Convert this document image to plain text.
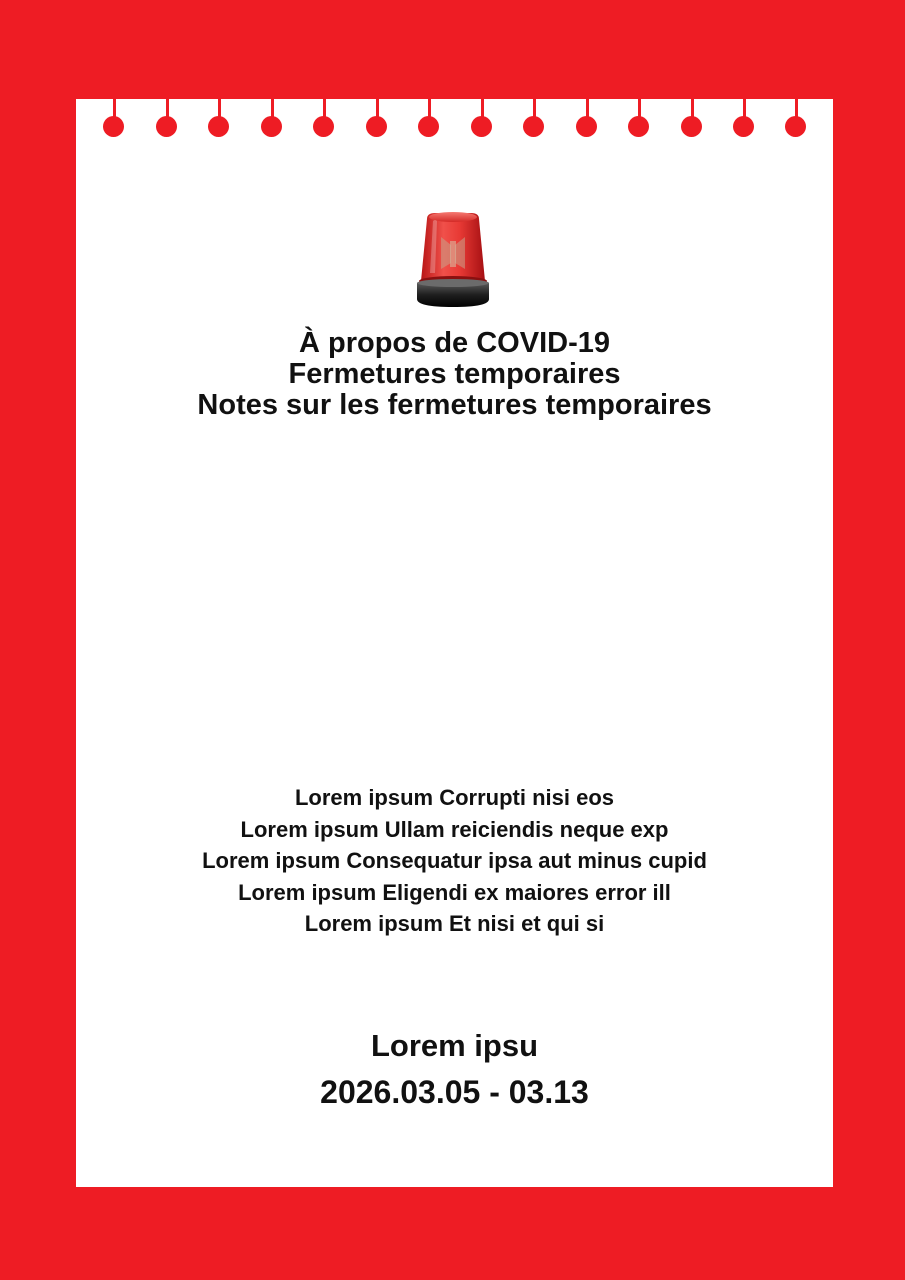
À propos de COVID-19
Fermetures temporaires
Notes sur les fermetures temporaires
Lorem ipsum Corrupti nisi eos
Lorem ipsum Ullam reiciendis neque exp
Lorem ipsum Consequatur ipsa aut minus cupid
Lorem ipsum Eligendi ex maiores error ill
Lorem ipsum Et nisi et qui si
Lorem ipsu
2026.03.05 - 03.13
